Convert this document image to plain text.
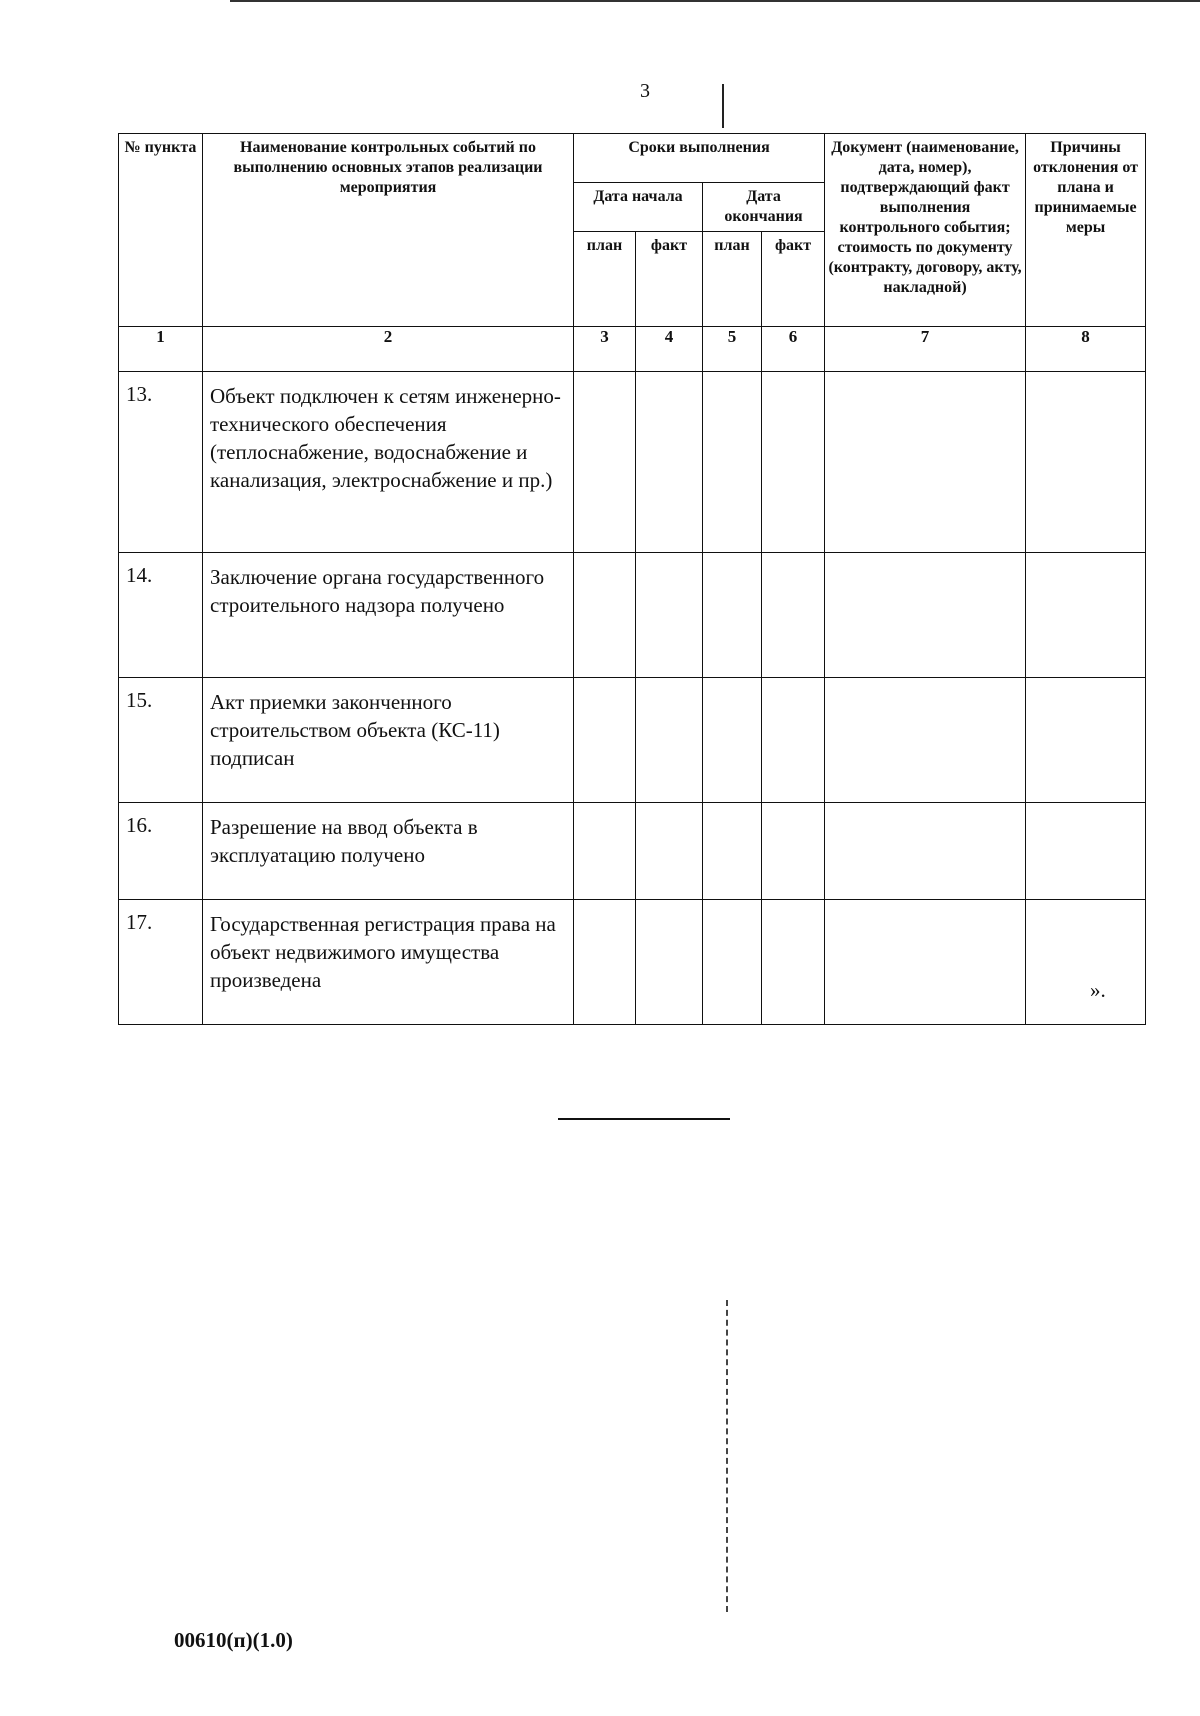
3
№ пункта	Наименование контрольных событий по выполнению основных этапов реализации мероприятия	Сроки выполнения				Документ (наименование, дата, номер), подтверждающий факт выполнения контрольного события; стоимость по документу (контракту, договору, акту, накладной)	Причины отклонения от плана и принимаемые меры
		Дата начала		Дата окончания			
		план	факт	план	факт		
1	2	3	4	5	6	7	8
13.	Объект подключен к сетям инженерно-технического обеспечения (теплоснабжение, водоснабжение и канализация, электроснабжение и пр.)						
14.	Заключение органа государственного строительного надзора получено						
15.	Акт приемки законченного строительством объекта (КС-11) подписан						
16.	Разрешение на ввод объекта в эксплуатацию получено						
17.	Государственная регистрация права на объект недвижимого имущества произведена							».
00610(п)(1.0)
